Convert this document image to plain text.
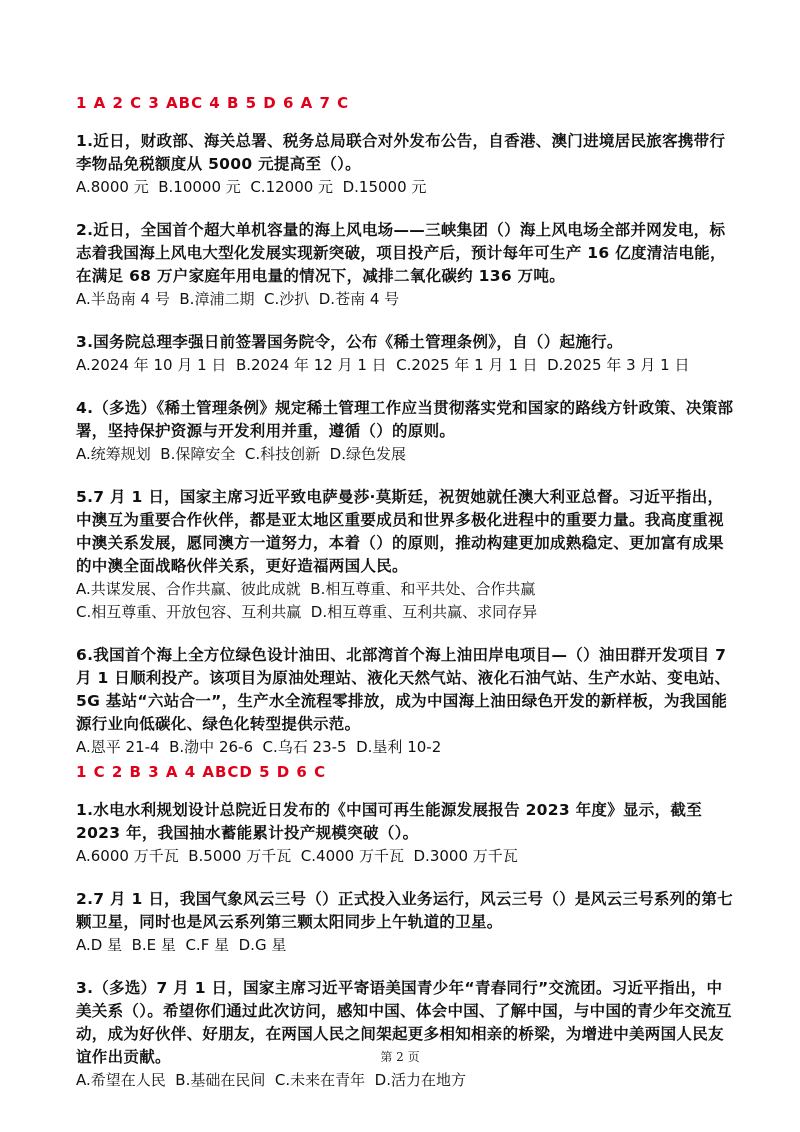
1 A 2 C 3 ABC 4 B 5 D 6 A 7 C
1.近日，财政部、海关总署、税务总局联合对外发布公告，自香港、澳门进境居民旅客携带行李物品免税额度从 5000 元提高至（）。
A.8000 元  B.10000 元  C.12000 元  D.15000 元
2.近日，全国首个超大单机容量的海上风电场——三峡集团（）海上风电场全部并网发电，标志着我国海上风电大型化发展实现新突破，项目投产后，预计每年可生产 16 亿度清洁电能，在满足 68 万户家庭年用电量的情况下，减排二氧化碳约 136 万吨。
A.半岛南 4 号  B.漳浦二期  C.沙扒  D.苍南 4 号
3.国务院总理李强日前签署国务院令，公布《稀土管理条例》，自（）起施行。
A.2024 年 10 月 1 日  B.2024 年 12 月 1 日  C.2025 年 1 月 1 日  D.2025 年 3 月 1 日
4.（多选）《稀土管理条例》规定稀土管理工作应当贯彻落实党和国家的路线方针政策、决策部署，坚持保护资源与开发利用并重，遵循（）的原则。
A.统筹规划  B.保障安全  C.科技创新  D.绿色发展
5.7 月 1 日，国家主席习近平致电萨曼莎·莫斯廷，祝贺她就任澳大利亚总督。习近平指出，中澳互为重要合作伙伴，都是亚太地区重要成员和世界多极化进程中的重要力量。我高度重视中澳关系发展，愿同澳方一道努力，本着（）的原则，推动构建更加成熟稳定、更加富有成果的中澳全面战略伙伴关系，更好造福两国人民。
A.共谋发展、合作共赢、彼此成就  B.相互尊重、和平共处、合作共赢
C.相互尊重、开放包容、互利共赢  D.相互尊重、互利共赢、求同存异
6.我国首个海上全方位绿色设计油田、北部湾首个海上油田岸电项目—（）油田群开发项目 7 月 1 日顺利投产。该项目为原油处理站、液化天然气站、液化石油气站、生产水站、变电站、5G 基站“六站合一”，生产水全流程零排放，成为中国海上油田绿色开发的新样板，为我国能源行业向低碳化、绿色化转型提供示范。
A.恩平 21-4  B.渤中 26-6  C.乌石 23-5  D.垦利 10-2
1 C 2 B 3 A 4 ABCD 5 D 6 C
1.水电水利规划设计总院近日发布的《中国可再生能源发展报告 2023 年度》显示，截至 2023 年，我国抽水蓄能累计投产规模突破（）。
A.6000 万千瓦  B.5000 万千瓦  C.4000 万千瓦  D.3000 万千瓦
2.7 月 1 日，我国气象风云三号（）正式投入业务运行，风云三号（）是风云三号系列的第七颗卫星，同时也是风云系列第三颗太阳同步上午轨道的卫星。
A.D 星  B.E 星  C.F 星  D.G 星
3.（多选）7 月 1 日，国家主席习近平寄语美国青少年“青春同行”交流团。习近平指出，中美关系（）。希望你们通过此次访问，感知中国、体会中国、了解中国，与中国的青少年交流互动，成为好伙伴、好朋友，在两国人民之间架起更多相知相亲的桥梁，为增进中美两国人民友谊作出贡献。
A.希望在人民  B.基础在民间  C.未来在青年  D.活力在地方
第 2 页
